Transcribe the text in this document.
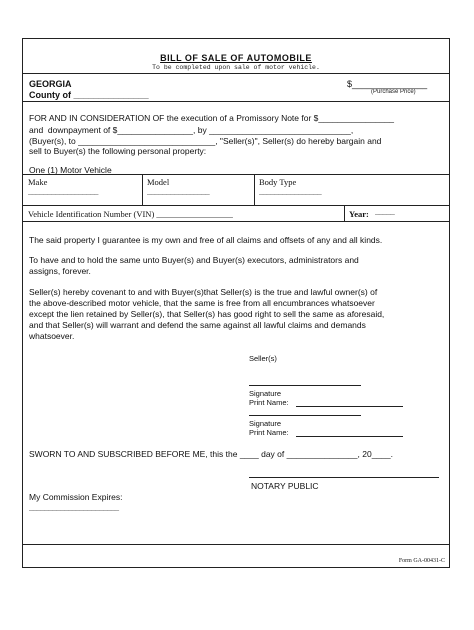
BILL OF SALE OF AUTOMOBILE
To be completed upon sale of motor vehicle.
GEORGIA
County of _______________
$_______________
(Purchase Price)
FOR AND IN CONSIDERATION OF the execution of a Promissory Note for $________________
and  downpayment of $________________, by ______________________________,
(Buyer(s), to _____________________________, "Seller(s)", Seller(s) do hereby bargain and
sell to Buyer(s) the following personal property:
One (1) Motor Vehicle
Make	Model	Body Type
__________________	________________	________________
Vehicle Identification Number (VIN) __________________	Year: _____
The said property I guarantee is my own and free of all claims and offsets of any and all kinds.
To have and to hold the same unto Buyer(s) and Buyer(s) executors, administrators and
assigns, forever.
Seller(s) hereby covenant to and with Buyer(s)that Seller(s) is the true and lawful owner(s) of
the above-described motor vehicle, that the same is free from all encumbrances whatsoever
except the lien retained by Seller(s), that Seller(s) has good right to sell the same as aforesaid,
and that Seller(s) will warrant and defend the same against all lawful claims and demands
whatsoever.
Seller(s)
Signature
Print Name:
Signature
Print Name:
SWORN TO AND SUBSCRIBED BEFORE ME, this the ____ day of _______________, 20____.
NOTARY PUBLIC
My Commission Expires:
_______________________
Form GA-00431-C
